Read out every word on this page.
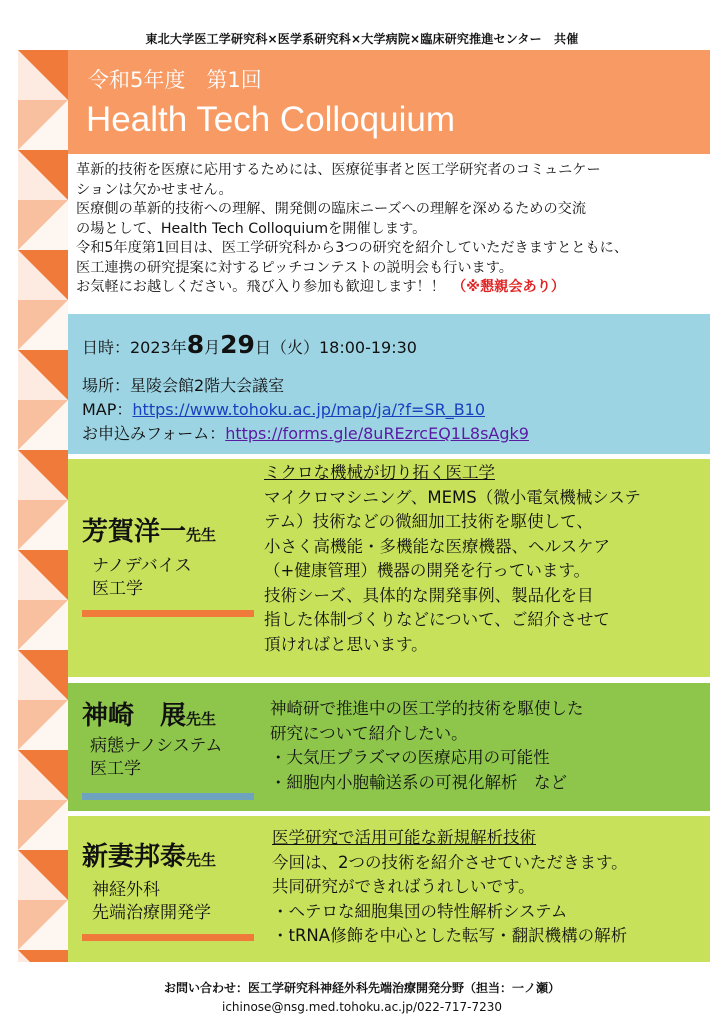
東北大学医工学研究科×医学系研究科×大学病院×臨床研究推進センター　共催
令和5年度　第1回
Health Tech Colloquium

革新的技術を医療に応用するためには、医療従事者と医工学研究者のコミュニケー

ションは欠かせません。

医療側の革新的技術への理解、開発側の臨床ニーズへの理解を深めるための交流

の場として、Health Tech Colloquiumを開催します。

令和5年度第1回目は、医工学研究科から3つの研究を紹介していただきますとともに、

医工連携の研究提案に対するピッチコンテストの説明会も行います。

お気軽にお越しください。飛び入り参加も歓迎します！！　 （※懇親会あり）

日時：2023年8月29日（火）18:00-19:30
場所：星陵会館2階大会議室
MAP：https://www.tohoku.ac.jp/map/ja/?f=SR_B10
お申込みフォーム：https://forms.gle/8uREzrcEQ1L8sAgk9
芳賀洋一先生
ナノデバイス
医工学
ミクロな機械が切り拓く医工学
マイクロマシニング、MEMS（微小電気機械システ
テム）技術などの微細加工技術を駆使して、
小さく高機能・多機能な医療機器、ヘルスケア
（+健康管理）機器の開発を行っています。
技術シーズ、具体的な開発事例、製品化を目
指した体制づくりなどについて、ご紹介させて
頂ければと思います。
神崎　展先生
病態ナノシステム
医工学
神崎研で推進中の医工学的技術を駆使した
研究について紹介したい。
・大気圧プラズマの医療応用の可能性
・細胞内小胞輸送系の可視化解析　など
新妻邦泰先生
神経外科
先端治療開発学
医学研究で活用可能な新規解析技術
今回は、2つの技術を紹介させていただきます。
共同研究ができればうれしいです。
・ヘテロな細胞集団の特性解析システム
・tRNA修飾を中心とした転写・翻訳機構の解析
お問い合わせ：医工学研究科神経外科先端治療開発分野（担当：一ノ瀬）
ichinose@nsg.med.tohoku.ac.jp/022-717-7230
